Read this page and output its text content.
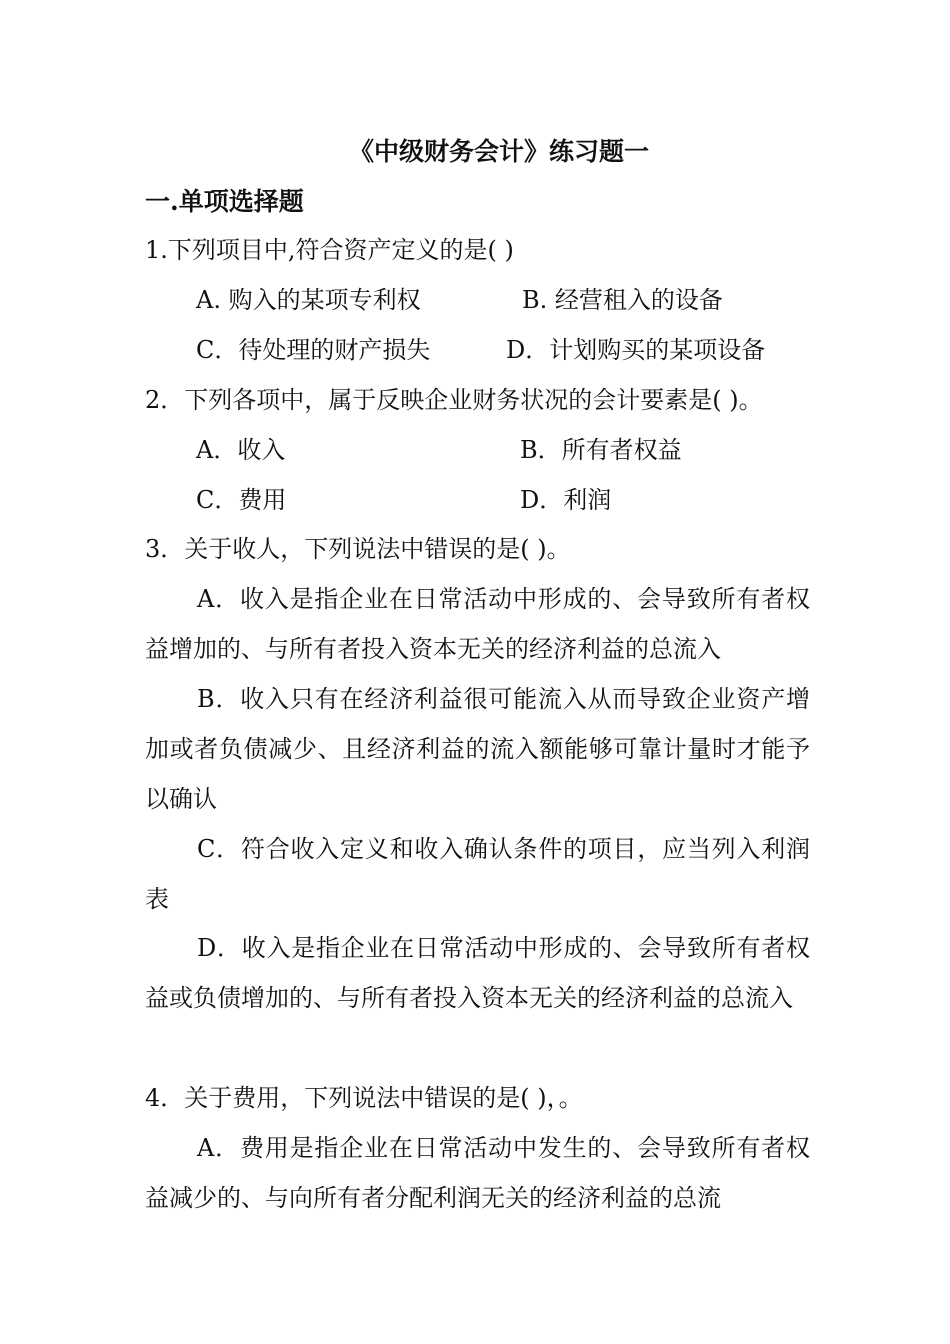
《中级财务会计》练习题一
一.单项选择题
1.下列项目中,符合资产定义的是( )
A. 购入的某项专利权	B. 经营租入的设备
C．待处理的财产损失	D．计划购买的某项设备
2．下列各项中，属于反映企业财务状况的会计要素是( )。
A．收入	B．所有者权益
C．费用	D．利润
3．关于收人，下列说法中错误的是( )。
A．收入是指企业在日常活动中形成的、会导致所有者权益增加的、与所有者投入资本无关的经济利益的总流入
B．收入只有在经济利益很可能流入从而导致企业资产增加或者负债减少、且经济利益的流入额能够可靠计量时才能予以确认
C．符合收入定义和收入确认条件的项目，应当列入利润表
D．收入是指企业在日常活动中形成的、会导致所有者权益或负债增加的、与所有者投入资本无关的经济利益的总流入
4．关于费用，下列说法中错误的是( )，。
A．费用是指企业在日常活动中发生的、会导致所有者权益减少的、与向所有者分配利润无关的经济利益的总流
